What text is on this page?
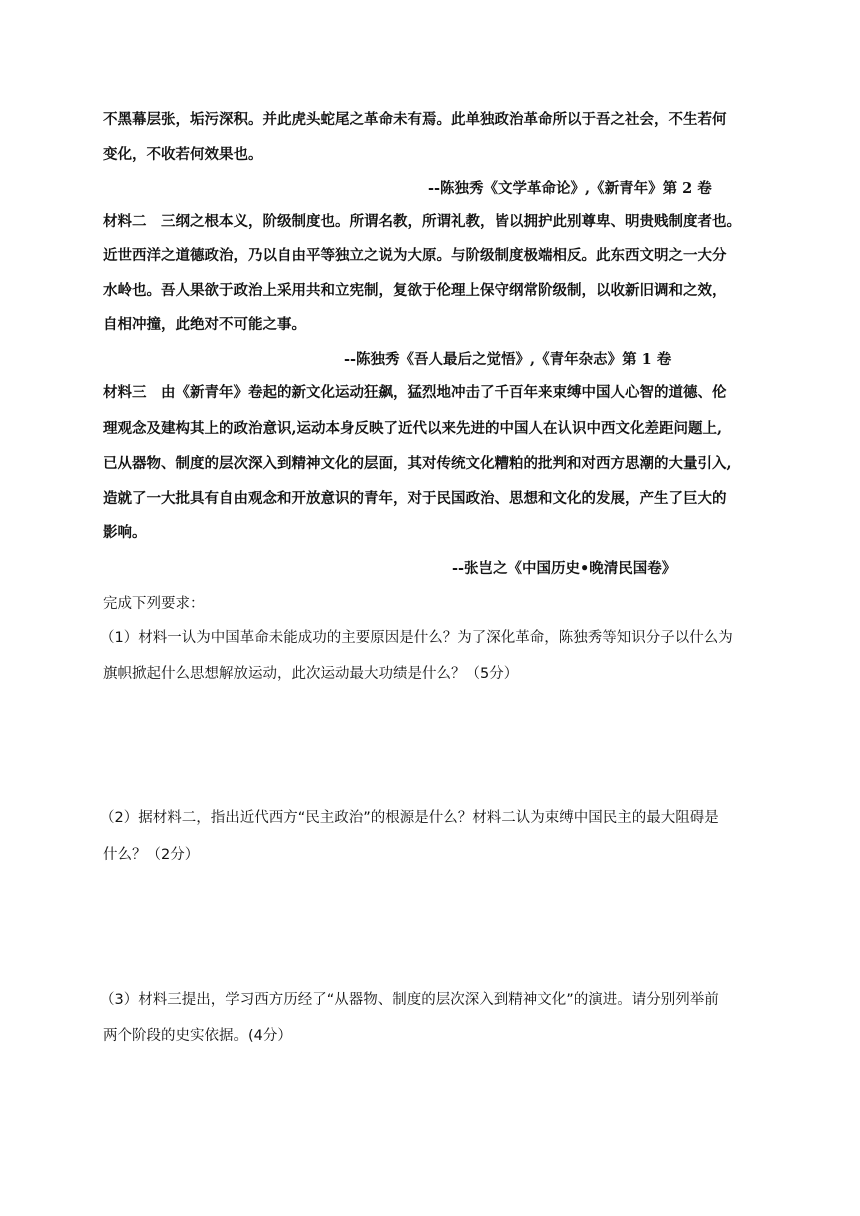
不黑幕层张，垢污深积。并此虎头蛇尾之革命未有焉。此单独政治革命所以于吾之社会，不生若何

变化，不收若何效果也。

--陈独秀《文学革命论》,《新青年》第 2 卷

材料二　三纲之根本义，阶级制度也。所谓名教，所谓礼教，皆以拥护此别尊卑、明贵贱制度者也。

近世西洋之道德政治，乃以自由平等独立之说为大原。与阶级制度极端相反。此东西文明之一大分

水岭也。吾人果欲于政治上采用共和立宪制，复欲于伦理上保守纲常阶级制，以收新旧调和之效，

自相冲撞，此绝对不可能之事。

--陈独秀《吾人最后之觉悟》,《青年杂志》第 1 卷

材料三　由《新青年》卷起的新文化运动狂飙，猛烈地冲击了千百年来束缚中国人心智的道德、伦

理观念及建构其上的政治意识,运动本身反映了近代以来先进的中国人在认识中西文化差距问题上,

已从器物、制度的层次深入到精神文化的层面，其对传统文化糟粕的批判和对西方思潮的大量引入,

造就了一大批具有自由观念和开放意识的青年，对于民国政治、思想和文化的发展，产生了巨大的

影响。

--张岂之《中国历史•晚清民国卷》

完成下列要求：

（1）材料一认为中国革命未能成功的主要原因是什么？为了深化革命，陈独秀等知识分子以什么为

旗帜掀起什么思想解放运动，此次运动最大功绩是什么？（5分）

（2）据材料二，指出近代西方“民主政治”的根源是什么？材料二认为束缚中国民主的最大阻碍是

什么？（2分）

（3）材料三提出，学习西方历经了“从器物、制度的层次深入到精神文化”的演进。请分别列举前

两个阶段的史实依据。(4分）
